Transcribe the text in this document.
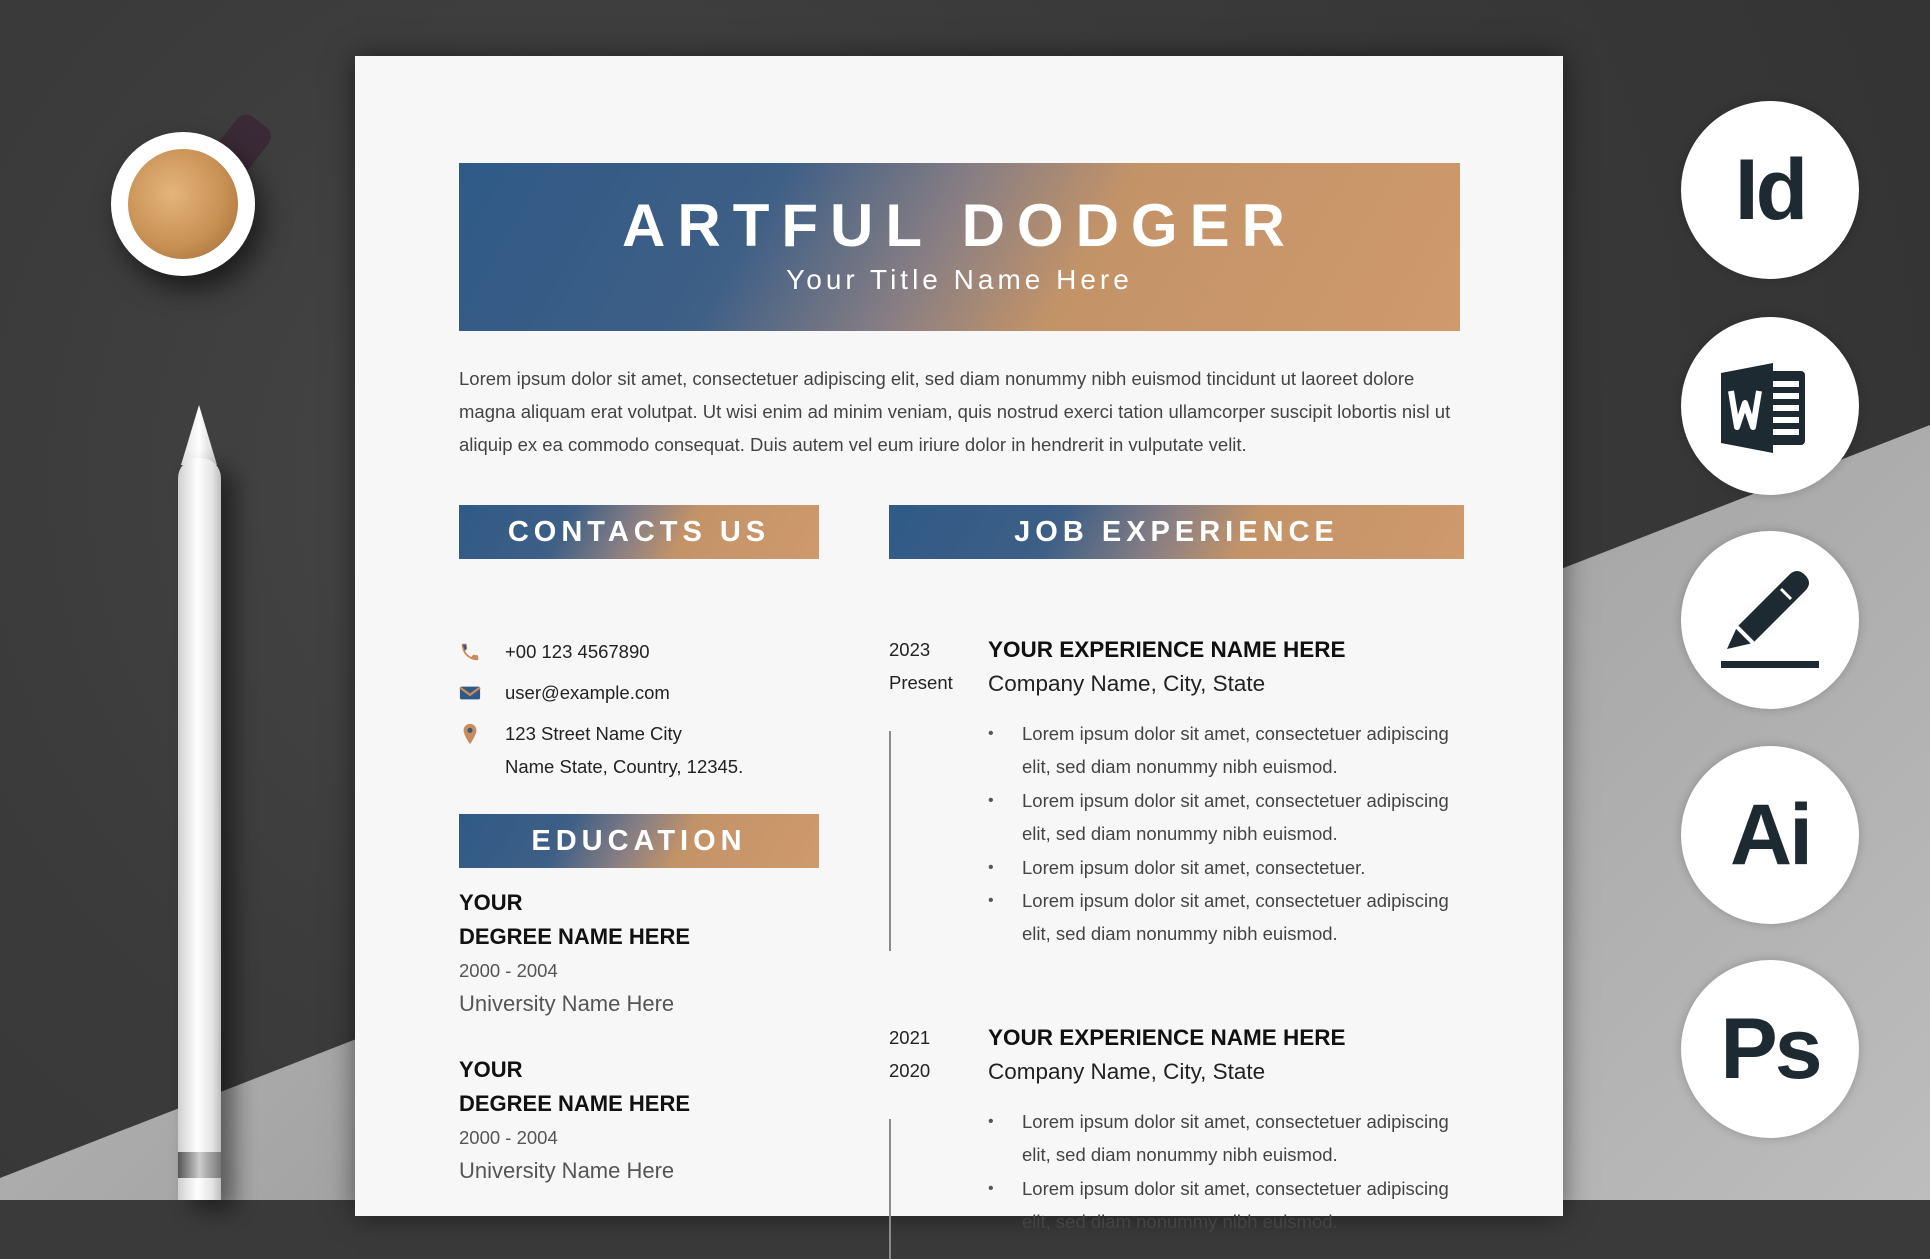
ARTFUL DODGER
Your Title Name Here
Lorem ipsum dolor sit amet, consectetuer adipiscing elit, sed diam nonummy nibh euismod tincidunt ut laoreet dolore magna aliquam erat volutpat. Ut wisi enim ad minim veniam, quis nostrud exerci tation ullamcorper suscipit lobortis nisl ut aliquip ex ea commodo consequat. Duis autem vel eum iriure dolor in hendrerit in vulputate velit.
CONTACTS US
+00 123 4567890
user@example.com
123 Street Name City
Name State, Country, 12345.
EDUCATION
YOUR
DEGREE NAME HERE
2000 - 2004
University Name Here
YOUR
DEGREE NAME HERE
2000 - 2004
University Name Here
JOB EXPERIENCE
2023
Present
YOUR EXPERIENCE NAME HERE
Company Name, City, State
• Lorem ipsum dolor sit amet, consectetuer adipiscing elit, sed diam nonummy nibh euismod.
• Lorem ipsum dolor sit amet, consectetuer adipiscing elit, sed diam nonummy nibh euismod.
• Lorem ipsum dolor sit amet, consectetuer.
• Lorem ipsum dolor sit amet, consectetuer adipiscing elit, sed diam nonummy nibh euismod.
2021
2020
YOUR EXPERIENCE NAME HERE
Company Name, City, State
• Lorem ipsum dolor sit amet, consectetuer adipiscing elit, sed diam nonummy nibh euismod.
• Lorem ipsum dolor sit amet, consectetuer adipiscing elit, sed diam nonummy nibh euismod.
Id
Ai
Ps
